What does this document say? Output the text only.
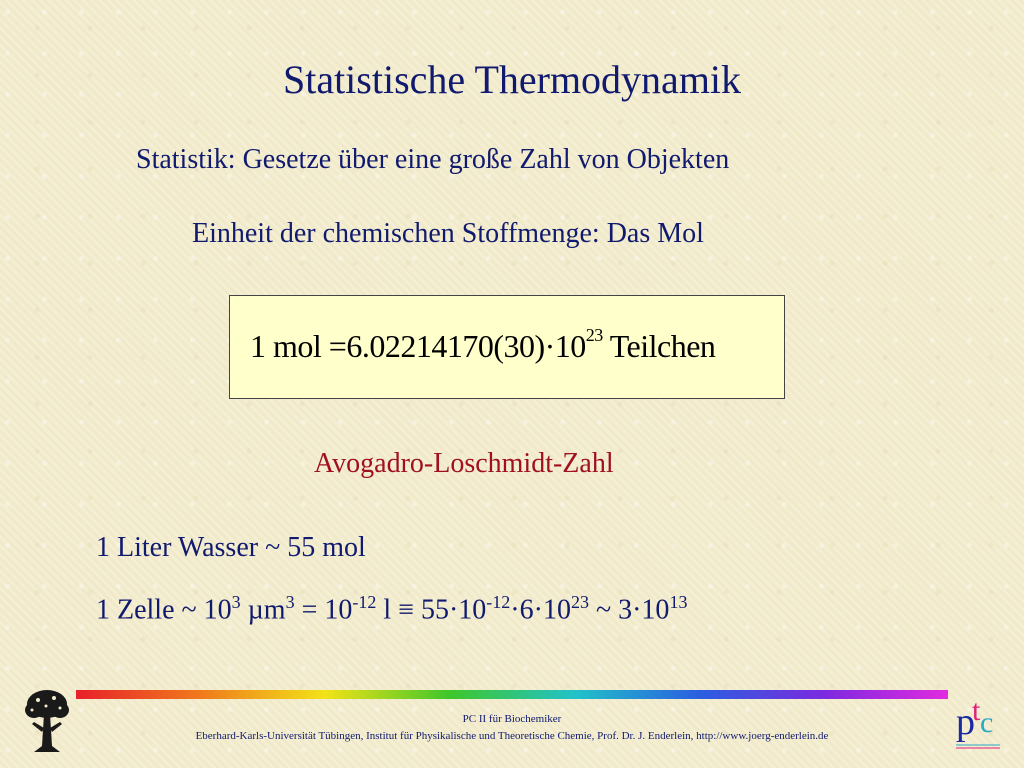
Statistische Thermodynamik
Statistik: Gesetze über eine große Zahl von Objekten
Einheit der chemischen Stoffmenge: Das Mol
1 mol $=6.02214170(30)\cdot 10^{23}$ Teilchen
Avogadro-Loschmidt-Zahl
1 Liter Wasser ~ 55 mol
1 Zelle ~ $10^3$ $\mu m^3 = 10^{-12}$ $l \equiv 55\cdot 10^{-12}\cdot 6\cdot 10^{23}$ ~ $3\cdot 10^{13}$
PC II für Biochemiker
Eberhard-Karls-Universität Tübingen, Institut für Physikalische und Theoretische Chemie, Prof. Dr. J. Enderlein, http://www.joerg-enderlein.de	p
t c
